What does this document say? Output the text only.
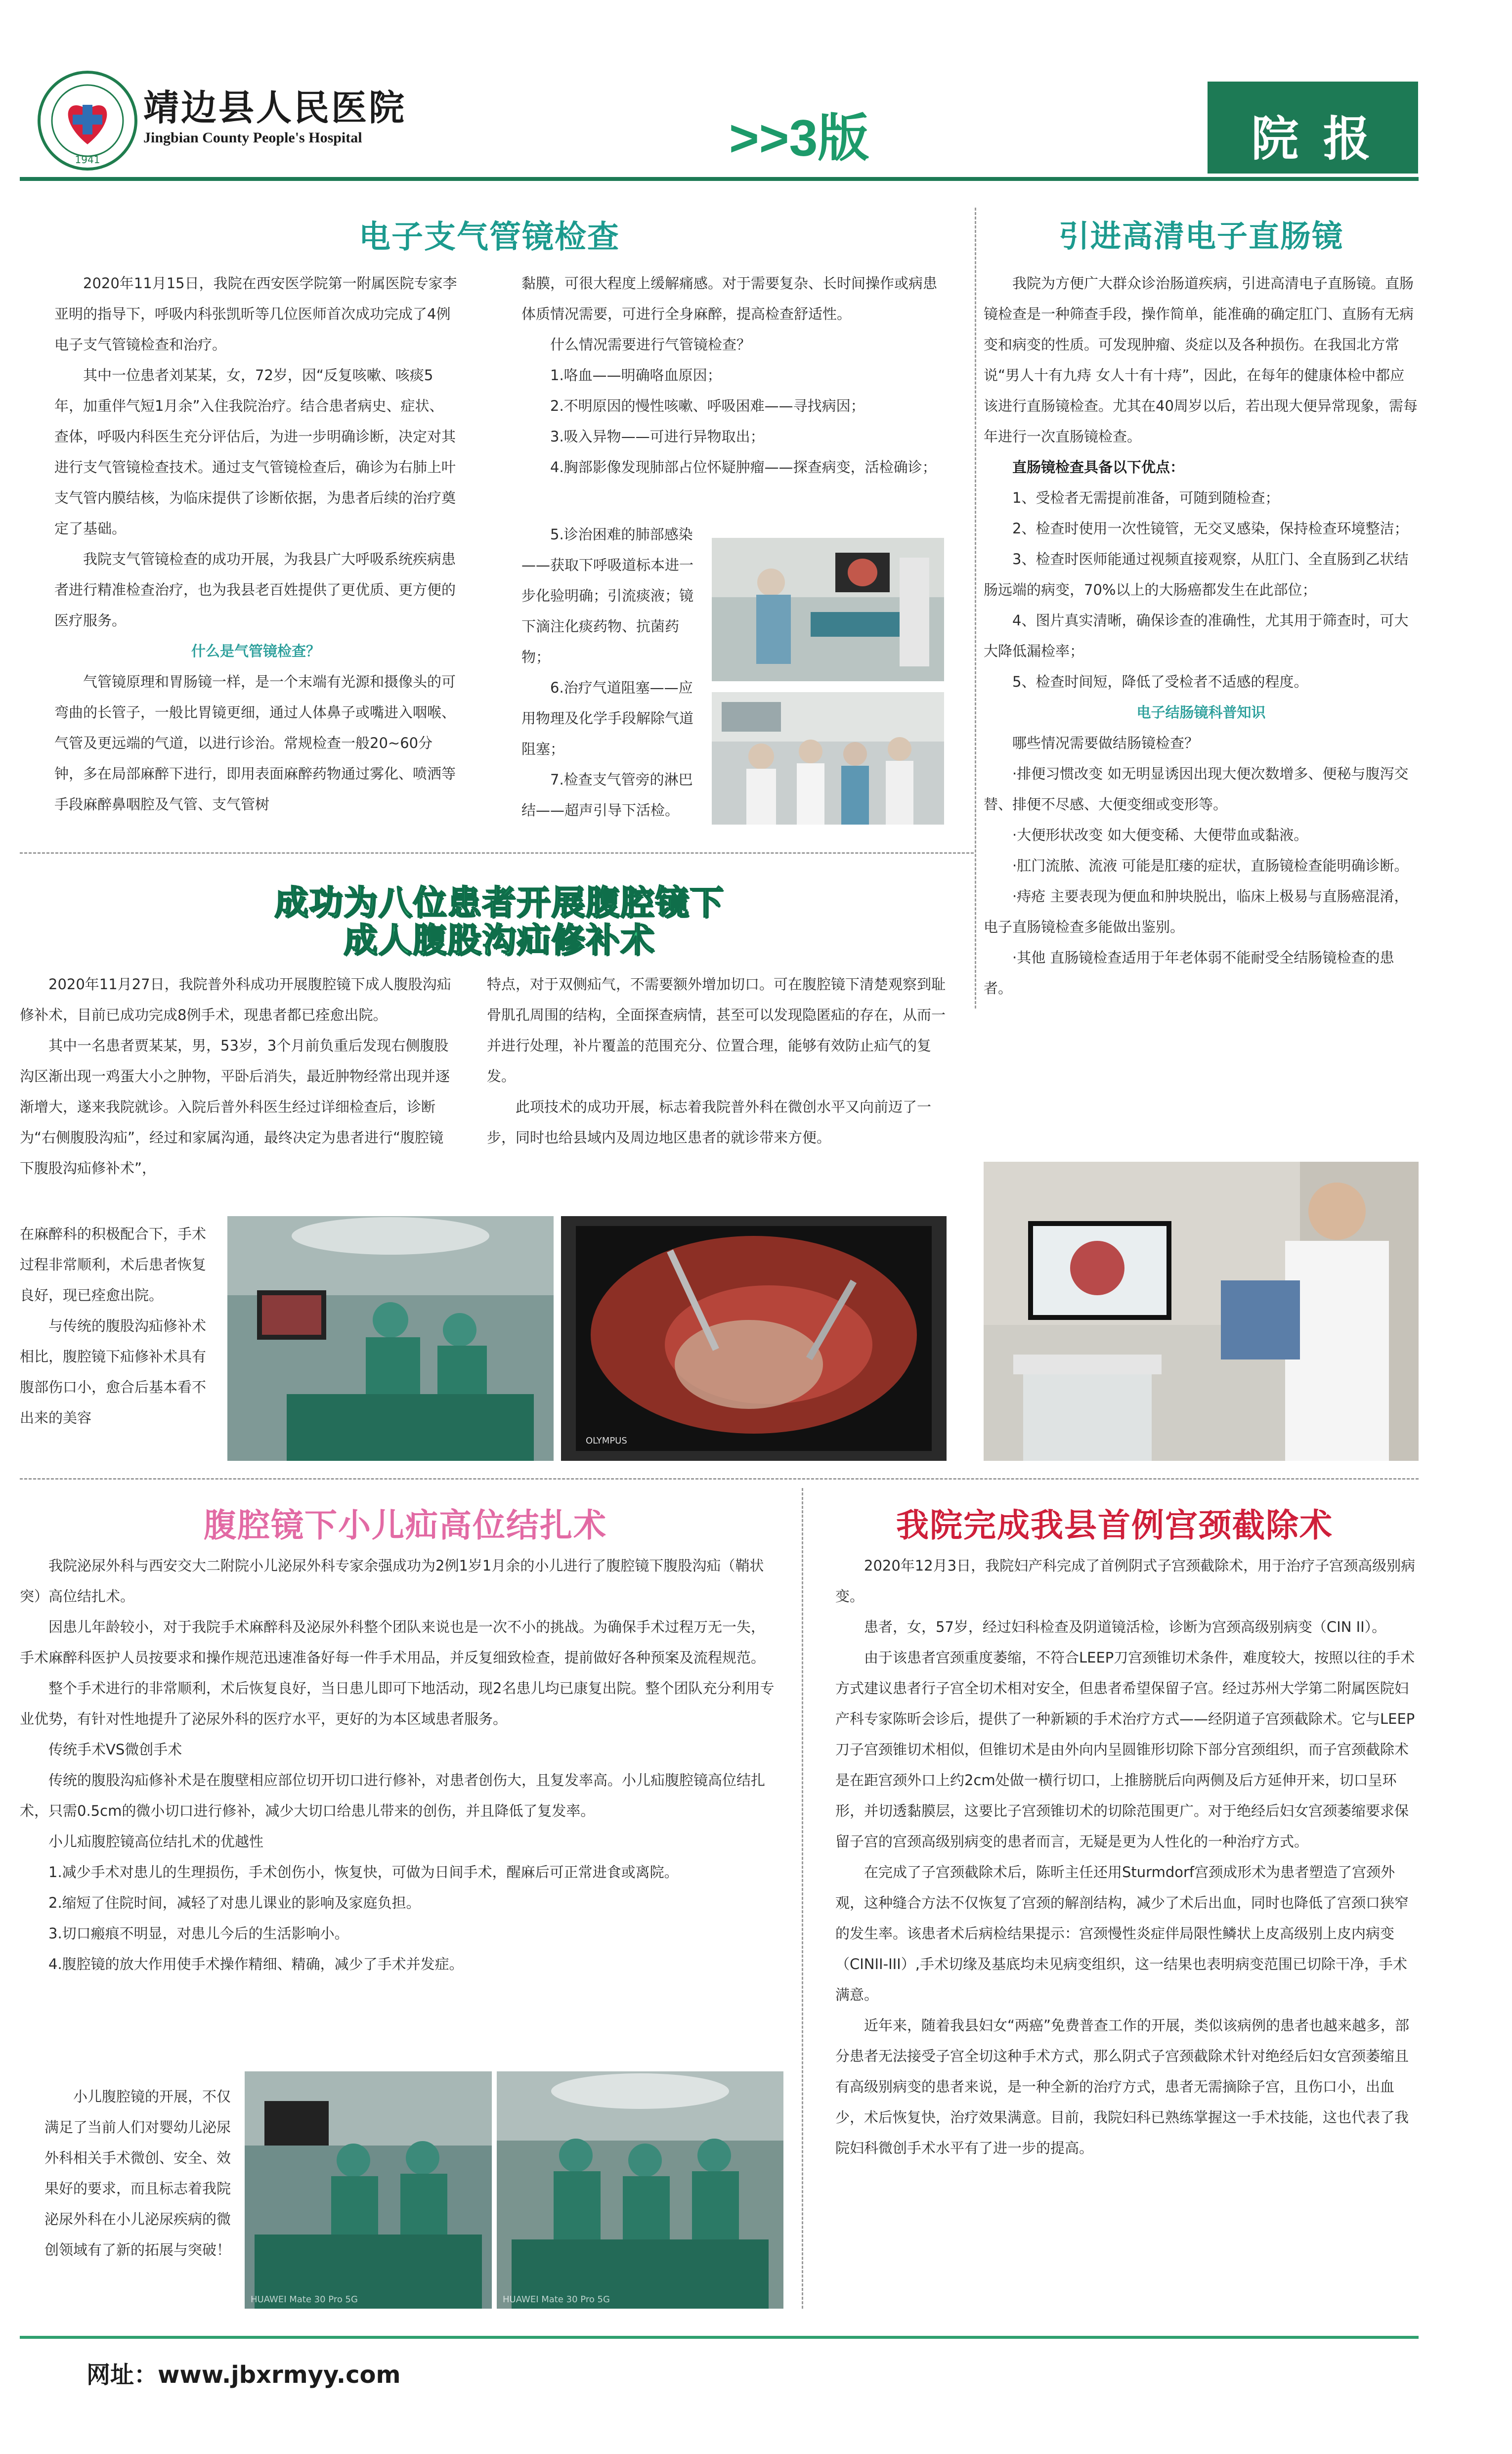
1941
靖边县人民医院
Jingbian County People's Hospital	>>3版	院 报
电子支气管镜检查

2020年11月15日，我院在西安医学院第一附属医院专家李亚明的指导下，呼吸内科张凯昕等几位医师首次成功完成了4例电子支气管镜检查和治疗。

其中一位患者刘某某，女，72岁，因“反复咳嗽、咳痰5年，加重伴气短1月余”入住我院治疗。结合患者病史、症状、查体，呼吸内科医生充分评估后，为进一步明确诊断，决定对其进行支气管镜检查技术。通过支气管镜检查后，确诊为右肺上叶支气管内膜结核，为临床提供了诊断依据，为患者后续的治疗奠定了基础。

我院支气管镜检查的成功开展，为我县广大呼吸系统疾病患者进行精准检查治疗，也为我县老百姓提供了更优质、更方便的医疗服务。

什么是气管镜检查？

气管镜原理和胃肠镜一样，是一个末端有光源和摄像头的可弯曲的长管子，一般比胃镜更细，通过人体鼻子或嘴进入咽喉、气管及更远端的气道，以进行诊治。常规检查一般20~60分钟，多在局部麻醉下进行，即用表面麻醉药物通过雾化、喷洒等手段麻醉鼻咽腔及气管、支气管树

黏膜，可很大程度上缓解痛感。对于需要复杂、长时间操作或病患体质情况需要，可进行全身麻醉，提高检查舒适性。

什么情况需要进行气管镜检查？

1.咯血——明确咯血原因；

2.不明原因的慢性咳嗽、呼吸困难——寻找病因；

3.吸入异物——可进行异物取出；

4.胸部影像发现肺部占位怀疑肿瘤——探查病变，活检确诊；

5.诊治困难的肺部感染——获取下呼吸道标本进一步化验明确；引流痰液；镜下滴注化痰药物、抗菌药物；

6.治疗气道阻塞——应用物理及化学手段解除气道阻塞；

7.检查支气管旁的淋巴结——超声引导下活检。

引进高清电子直肠镜

我院为方便广大群众诊治肠道疾病，引进高清电子直肠镜。直肠镜检查是一种筛查手段，操作简单，能准确的确定肛门、直肠有无病变和病变的性质。可发现肿瘤、炎症以及各种损伤。在我国北方常说“男人十有九痔 女人十有十痔”，因此，在每年的健康体检中都应该进行直肠镜检查。尤其在40周岁以后，若出现大便异常现象，需每年进行一次直肠镜检查。

直肠镜检查具备以下优点：

1、受检者无需提前准备，可随到随检查；

2、检查时使用一次性镜管，无交叉感染，保持检查环境整洁；

3、检查时医师能通过视频直接观察，从肛门、全直肠到乙状结肠远端的病变，70%以上的大肠癌都发生在此部位；

4、图片真实清晰，确保诊查的准确性，尤其用于筛查时，可大大降低漏检率；

5、检查时间短，降低了受检者不适感的程度。

电子结肠镜科普知识

哪些情况需要做结肠镜检查？

·排便习惯改变 如无明显诱因出现大便次数增多、便秘与腹泻交替、排便不尽感、大便变细或变形等。

·大便形状改变 如大便变稀、大便带血或黏液。

·肛门流脓、流液 可能是肛瘘的症状，直肠镜检查能明确诊断。

·痔疮 主要表现为便血和肿块脱出，临床上极易与直肠癌混淆，电子直肠镜检查多能做出鉴别。

·其他 直肠镜检查适用于年老体弱不能耐受全结肠镜检查的患者。

成功为八位患者开展腹腔镜下
成人腹股沟疝修补术

2020年11月27日，我院普外科成功开展腹腔镜下成人腹股沟疝修补术，目前已成功完成8例手术，现患者都已痊愈出院。

其中一名患者贾某某，男，53岁，3个月前负重后发现右侧腹股沟区渐出现一鸡蛋大小之肿物，平卧后消失，最近肿物经常出现并逐渐增大，遂来我院就诊。入院后普外科医生经过详细检查后，诊断为“右侧腹股沟疝”，经过和家属沟通，最终决定为患者进行“腹腔镜下腹股沟疝修补术”，

在麻醉科的积极配合下，手术过程非常顺利，术后患者恢复良好，现已痊愈出院。

与传统的腹股沟疝修补术相比，腹腔镜下疝修补术具有腹部伤口小，愈合后基本看不出来的美容

特点，对于双侧疝气，不需要额外增加切口。可在腹腔镜下清楚观察到耻骨肌孔周围的结构，全面探查病情，甚至可以发现隐匿疝的存在，从而一并进行处理，补片覆盖的范围充分、位置合理，能够有效防止疝气的复发。

此项技术的成功开展，标志着我院普外科在微创水平又向前迈了一步，同时也给县域内及周边地区患者的就诊带来方便。

OLYMPUS
腹腔镜下小儿疝高位结扎术

我院泌尿外科与西安交大二附院小儿泌尿外科专家余强成功为2例1岁1月余的小儿进行了腹腔镜下腹股沟疝（鞘状突）高位结扎术。

因患儿年龄较小，对于我院手术麻醉科及泌尿外科整个团队来说也是一次不小的挑战。为确保手术过程万无一失，手术麻醉科医护人员按要求和操作规范迅速准备好每一件手术用品，并反复细致检查，提前做好各种预案及流程规范。

整个手术进行的非常顺利，术后恢复良好，当日患儿即可下地活动，现2名患儿均已康复出院。整个团队充分利用专业优势，有针对性地提升了泌尿外科的医疗水平，更好的为本区域患者服务。

传统手术VS微创手术

传统的腹股沟疝修补术是在腹壁相应部位切开切口进行修补，对患者创伤大，且复发率高。小儿疝腹腔镜高位结扎术，只需0.5cm的微小切口进行修补，减少大切口给患儿带来的创伤，并且降低了复发率。

小儿疝腹腔镜高位结扎术的优越性

1.减少手术对患儿的生理损伤，手术创伤小，恢复快，可做为日间手术，醒麻后可正常进食或离院。

2.缩短了住院时间，减轻了对患儿课业的影响及家庭负担。

3.切口瘢痕不明显，对患儿今后的生活影响小。

4.腹腔镜的放大作用使手术操作精细、精确，减少了手术并发症。

小儿腹腔镜的开展，不仅满足了当前人们对婴幼儿泌尿外科相关手术微创、安全、效果好的要求，而且标志着我院泌尿外科在小儿泌尿疾病的微创领域有了新的拓展与突破！

HUAWEI Mate 30 Pro 5G	HUAWEI Mate 30 Pro 5G
我院完成我县首例宫颈截除术

2020年12月3日，我院妇产科完成了首例阴式子宫颈截除术，用于治疗子宫颈高级别病变。

患者，女，57岁，经过妇科检查及阴道镜活检，诊断为宫颈高级别病变（CIN II）。

由于该患者宫颈重度萎缩，不符合LEEP刀宫颈锥切术条件，难度较大，按照以往的手术方式建议患者行子宫全切术相对安全，但患者希望保留子宫。经过苏州大学第二附属医院妇产科专家陈昕会诊后，提供了一种新颖的手术治疗方式——经阴道子宫颈截除术。它与LEEP刀子宫颈锥切术相似，但锥切术是由外向内呈圆锥形切除下部分宫颈组织，而子宫颈截除术是在距宫颈外口上约2cm处做一横行切口，上推膀胱后向两侧及后方延伸开来，切口呈环形，并切透黏膜层，这要比子宫颈锥切术的切除范围更广。对于绝经后妇女宫颈萎缩要求保留子宫的宫颈高级别病变的患者而言，无疑是更为人性化的一种治疗方式。

在完成了子宫颈截除术后，陈昕主任还用Sturmdorf宫颈成形术为患者塑造了宫颈外观，这种缝合方法不仅恢复了宫颈的解剖结构，减少了术后出血，同时也降低了宫颈口狭窄的发生率。该患者术后病检结果提示：宫颈慢性炎症伴局限性鳞状上皮高级别上皮内病变（CINII-III）,手术切缘及基底均未见病变组织，这一结果也表明病变范围已切除干净，手术满意。

近年来，随着我县妇女“两癌”免费普查工作的开展，类似该病例的患者也越来越多，部分患者无法接受子宫全切这种手术方式，那么阴式子宫颈截除术针对绝经后妇女宫颈萎缩且有高级别病变的患者来说，是一种全新的治疗方式，患者无需摘除子宫，且伤口小，出血少，术后恢复快，治疗效果满意。目前，我院妇科已熟练掌握这一手术技能，这也代表了我院妇科微创手术水平有了进一步的提高。

网址：www.jbxrmyy.com
